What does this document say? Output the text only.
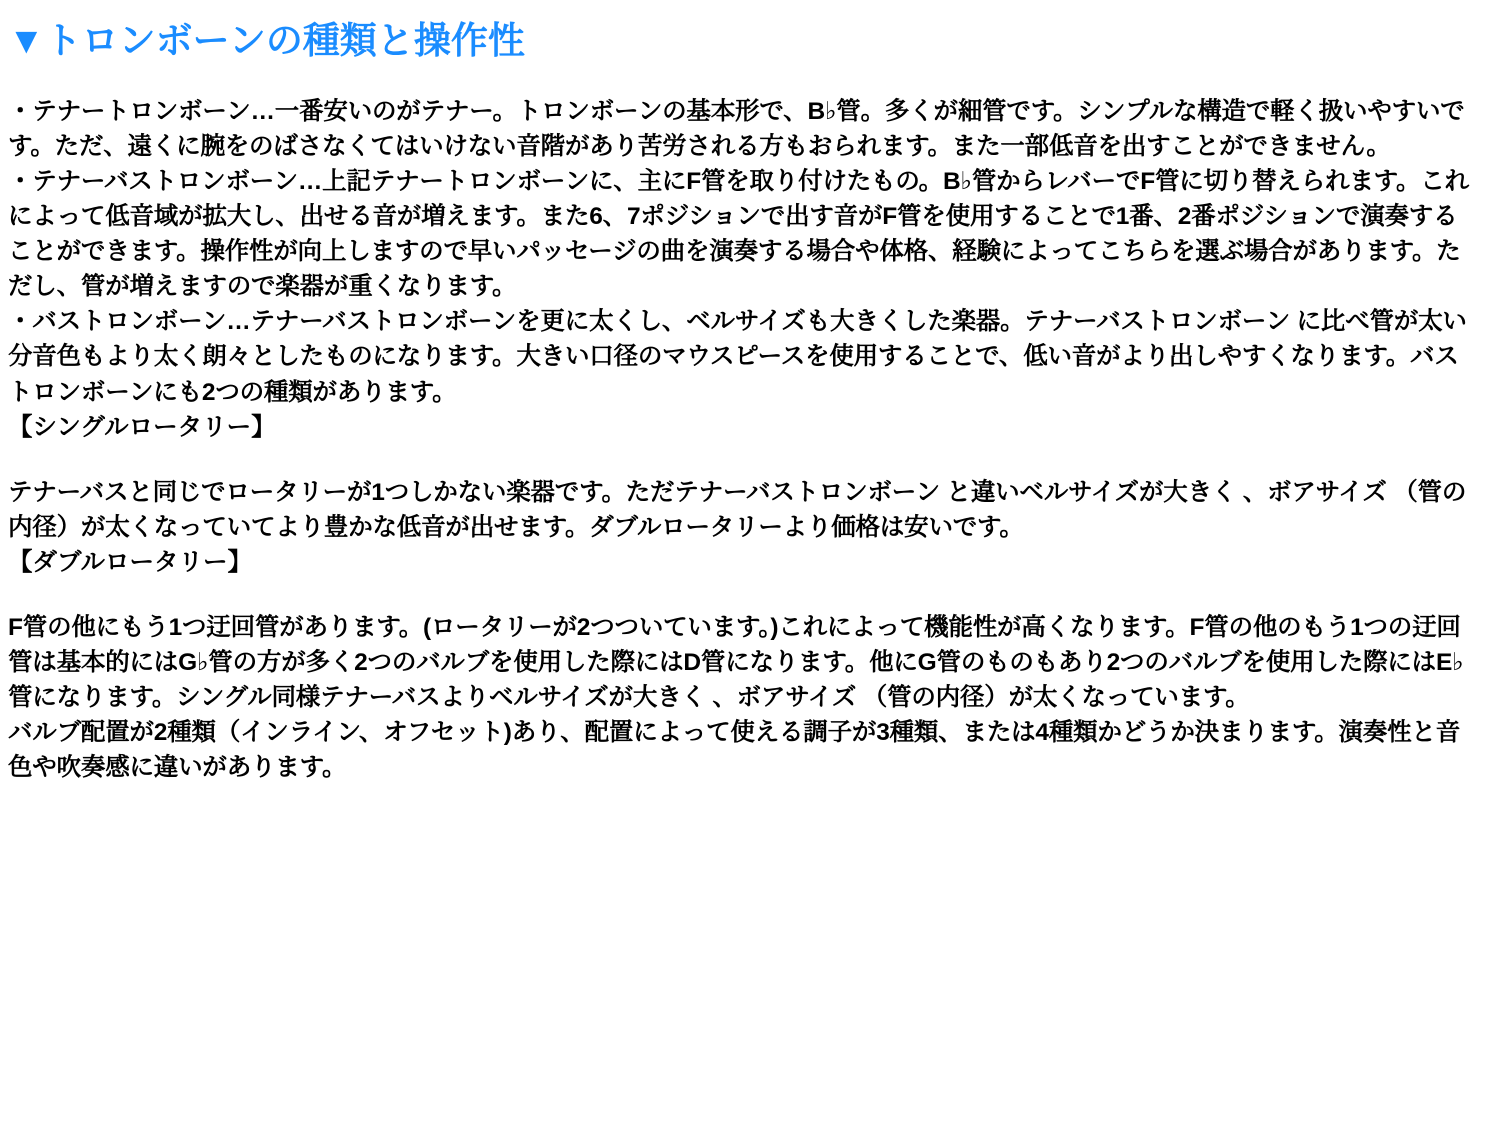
▼トロンボーンの種類と操作性

・テナートロンボーン…一番安いのがテナー。トロンボーンの基本形で、B♭管。多くが細管です。シンプルな構造で軽く扱いやすいです。ただ、遠くに腕をのばさなくてはいけない音階があり苦労される方もおられます。また一部低音を出すことができません。

・テナーバストロンボーン…上記テナートロンボーンに、主にF管を取り付けたもの。B♭管からレバーでF管に切り替えられます。これによって低音域が拡大し、出せる音が増えます。また6、7ポジションで出す音がF管を使用することで1番、2番ポジションで演奏することができます。操作性が向上しますので早いパッセージの曲を演奏する場合や体格、経験によってこちらを選ぶ場合があります。ただし、管が増えますので楽器が重くなります。

・バストロンボーン…テナーバストロンボーンを更に太くし、ベルサイズも大きくした楽器。テナーバストロンボーン に比べ管が太い分音色もより太く朗々としたものになります。大きい口径のマウスピースを使用することで、低い音がより出しやすくなります。バストロンボーンにも2つの種類があります。

【シングルロータリー】

テナーバスと同じでロータリーが1つしかない楽器です。ただテナーバストロンボーン と違いベルサイズが大きく 、ボアサイズ （管の内径）が太くなっていてより豊かな低音が出せます。ダブルロータリーより価格は安いです。

【ダブルロータリー】

F管の他にもう1つ迂回管があります。(ロータリーが2つついています。)これによって機能性が高くなります。F管の他のもう1つの迂回管は基本的にはG♭管の方が多く2つのバルブを使用した際にはD管になります。他にG管のものもあり2つのバルブを使用した際にはE♭管になります。シングル同様テナーバスよりベルサイズが大きく 、ボアサイズ （管の内径）が太くなっています。

バルブ配置が2種類（インライン、オフセット)あり、配置によって使える調子が3種類、または4種類かどうか決まります。演奏性と音色や吹奏感に違いがあります。
